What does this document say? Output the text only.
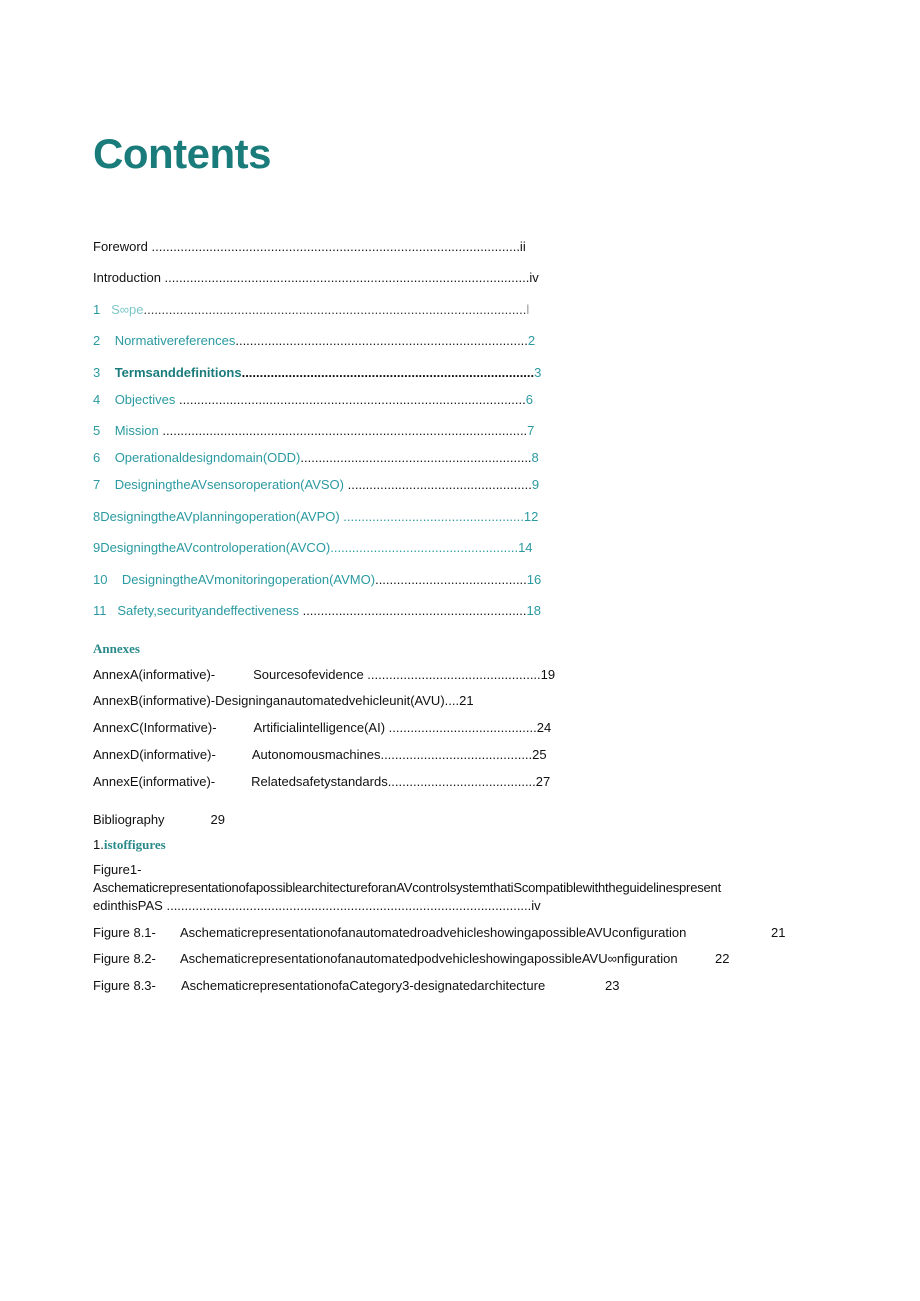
Contents
Foreword ......................................................................................................ii
Introduction .....................................................................................................iv
1 S∞pe..........................................................................................................l
2 Normativereferences.................................................................................2
3 Termsanddefinitions.................................................................................3
4 Objectives ................................................................................................6
5 Mission .....................................................................................................7
6 Operationaldesigndomain(ODD)................................................................8
7 DesigningtheAVsensoroperation(AVSO) ...................................................9
8DesigningtheAVplanningoperation(AVPO) ..................................................12
9DesigningtheAVcontroloperation(AVCO)....................................................14
10 DesigningtheAVmonitoringoperation(AVMO)..........................................16
11 Safety,securityandeffectiveness ..............................................................18
Annexes
AnnexA(informative)-	Sourcesofevidence ................................................19
AnnexB(informative)-Designinganautomatedvehicleunit(AVU)....21
AnnexC(Informative)-	Artificialintelligence(AI) .........................................24
AnnexD(informative)-	Autonomousmachines..........................................25
AnnexE(informative)-	Relatedsafetystandards.........................................27
Bibliography	29
1.istoffigures
Figure1-
AschematicrepresentationofapossiblearchitectureforanAVcontrolsystemthatiScompatiblewiththeguidelinespresent
edinthisPAS .....................................................................................................iv
Figure 8.1- AschematicrepresentationofanautomatedroadvehicleshowingapossibleAVUconfiguration	21
Figure 8.2- AschematicrepresentationofanautomatedpodvehicleshowingapossibleAVU∞nfiguration	22
Figure 8.3- AschematicrepresentationofaCategory3-designatedarchitecture	23
